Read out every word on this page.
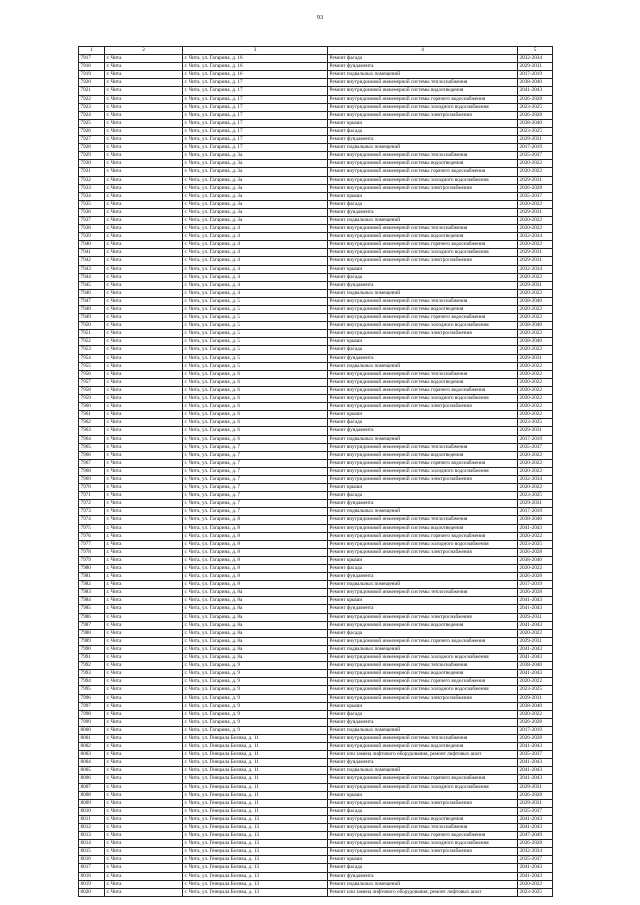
93
1	2	3	4	5
7917	г. Чита	г. Чита, ул. Гагарина, д. 16	Ремонт фасада	2032-2034
7918	г. Чита	г. Чита, ул. Гагарина, д. 16	Ремонт фундамента	2029-2031
7919	г. Чита	г. Чита, ул. Гагарина, д. 16	Ремонт подвальных помещений	2017-2019
7920	г. Чита	г. Чита, ул. Гагарина, д. 17	Ремонт внутридомовой инженерной системы теплоснабжения	2038-2040
7921	г. Чита	г. Чита, ул. Гагарина, д. 17	Ремонт внутридомовой инженерной системы водоотведения	2041-2043
7922	г. Чита	г. Чита, ул. Гагарина, д. 17	Ремонт внутридомовой инженерной системы горячего водоснабжения	2026-2028
7923	г. Чита	г. Чита, ул. Гагарина, д. 17	Ремонт внутридомовой инженерной системы холодного водоснабжения	2023-2025
7924	г. Чита	г. Чита, ул. Гагарина, д. 17	Ремонт внутридомовой инженерной системы электроснабжения	2026-2028
7925	г. Чита	г. Чита, ул. Гагарина, д. 17	Ремонт крыши	2038-2040
7926	г. Чита	г. Чита, ул. Гагарина, д. 17	Ремонт фасада	2023-2025
7927	г. Чита	г. Чита, ул. Гагарина, д. 17	Ремонт фундамента	2029-2031
7928	г. Чита	г. Чита, ул. Гагарина, д. 17	Ремонт подвальных помещений	2017-2019
7929	г. Чита	г. Чита, ул. Гагарина, д. 3а	Ремонт внутридомовой инженерной системы теплоснабжения	2035-2037
7930	г. Чита	г. Чита, ул. Гагарина, д. 3а	Ремонт внутридомовой инженерной системы водоотведения	2020-2022
7931	г. Чита	г. Чита, ул. Гагарина, д. 3а	Ремонт внутридомовой инженерной системы горячего водоснабжения	2020-2022
7932	г. Чита	г. Чита, ул. Гагарина, д. 3а	Ремонт внутридомовой инженерной системы холодного водоснабжения	2029-2031
7933	г. Чита	г. Чита, ул. Гагарина, д. 3а	Ремонт внутридомовой инженерной системы электроснабжения	2026-2028
7934	г. Чита	г. Чита, ул. Гагарина, д. 3а	Ремонт крыши	2035-2037
7935	г. Чита	г. Чита, ул. Гагарина, д. 3а	Ремонт фасада	2020-2022
7936	г. Чита	г. Чита, ул. Гагарина, д. 3а	Ремонт фундамента	2029-2031
7937	г. Чита	г. Чита, ул. Гагарина, д. 3а	Ремонт подвальных помещений	2020-2022
7938	г. Чита	г. Чита, ул. Гагарина, д. 4	Ремонт внутридомовой инженерной системы теплоснабжения	2020-2022
7939	г. Чита	г. Чита, ул. Гагарина, д. 4	Ремонт внутридомовой инженерной системы водоотведения	2032-2034
7940	г. Чита	г. Чита, ул. Гагарина, д. 4	Ремонт внутридомовой инженерной системы горячего водоснабжения	2020-2022
7941	г. Чита	г. Чита, ул. Гагарина, д. 4	Ремонт внутридомовой инженерной системы холодного водоснабжения	2029-2031
7942	г. Чита	г. Чита, ул. Гагарина, д. 4	Ремонт внутридомовой инженерной системы электроснабжения	2029-2031
7943	г. Чита	г. Чита, ул. Гагарина, д. 4	Ремонт крыши	2032-2034
7944	г. Чита	г. Чита, ул. Гагарина, д. 4	Ремонт фасада	2020-2022
7945	г. Чита	г. Чита, ул. Гагарина, д. 4	Ремонт фундамента	2029-2031
7946	г. Чита	г. Чита, ул. Гагарина, д. 4	Ремонт подвальных помещений	2020-2022
7947	г. Чита	г. Чита, ул. Гагарина, д. 5	Ремонт внутридомовой инженерной системы теплоснабжения	2038-2040
7948	г. Чита	г. Чита, ул. Гагарина, д. 5	Ремонт внутридомовой инженерной системы водоотведения	2020-2022
7949	г. Чита	г. Чита, ул. Гагарина, д. 5	Ремонт внутридомовой инженерной системы горячего водоснабжения	2020-2022
7950	г. Чита	г. Чита, ул. Гагарина, д. 5	Ремонт внутридомовой инженерной системы холодного водоснабжения	2038-2040
7951	г. Чита	г. Чита, ул. Гагарина, д. 5	Ремонт внутридомовой инженерной системы электроснабжения	2020-2022
7952	г. Чита	г. Чита, ул. Гагарина, д. 5	Ремонт крыши	2038-2040
7953	г. Чита	г. Чита, ул. Гагарина, д. 5	Ремонт фасада	2020-2022
7954	г. Чита	г. Чита, ул. Гагарина, д. 5	Ремонт фундамента	2029-2031
7955	г. Чита	г. Чита, ул. Гагарина, д. 5	Ремонт подвальных помещений	2020-2022
7956	г. Чита	г. Чита, ул. Гагарина, д. 6	Ремонт внутридомовой инженерной системы теплоснабжения	2020-2022
7957	г. Чита	г. Чита, ул. Гагарина, д. 6	Ремонт внутридомовой инженерной системы водоотведения	2020-2022
7958	г. Чита	г. Чита, ул. Гагарина, д. 6	Ремонт внутридомовой инженерной системы горячего водоснабжения	2020-2022
7959	г. Чита	г. Чита, ул. Гагарина, д. 6	Ремонт внутридомовой инженерной системы холодного водоснабжения	2020-2022
7960	г. Чита	г. Чита, ул. Гагарина, д. 6	Ремонт внутридомовой инженерной системы электроснабжения	2020-2022
7961	г. Чита	г. Чита, ул. Гагарина, д. 6	Ремонт крыши	2020-2022
7962	г. Чита	г. Чита, ул. Гагарина, д. 6	Ремонт фасада	2023-2025
7963	г. Чита	г. Чита, ул. Гагарина, д. 6	Ремонт фундамента	2029-2031
7964	г. Чита	г. Чита, ул. Гагарина, д. 6	Ремонт подвальных помещений	2017-2019
7965	г. Чита	г. Чита, ул. Гагарина, д. 7	Ремонт внутридомовой инженерной системы теплоснабжения	2035-2037
7966	г. Чита	г. Чита, ул. Гагарина, д. 7	Ремонт внутридомовой инженерной системы водоотведения	2020-2022
7967	г. Чита	г. Чита, ул. Гагарина, д. 7	Ремонт внутридомовой инженерной системы горячего водоснабжения	2020-2022
7968	г. Чита	г. Чита, ул. Гагарина, д. 7	Ремонт внутридомовой инженерной системы холодного водоснабжения	2020-2022
7969	г. Чита	г. Чита, ул. Гагарина, д. 7	Ремонт внутридомовой инженерной системы электроснабжения	2032-2034
7970	г. Чита	г. Чита, ул. Гагарина, д. 7	Ремонт крыши	2020-2022
7971	г. Чита	г. Чита, ул. Гагарина, д. 7	Ремонт фасада	2023-2025
7972	г. Чита	г. Чита, ул. Гагарина, д. 7	Ремонт фундамента	2029-2031
7973	г. Чита	г. Чита, ул. Гагарина, д. 7	Ремонт подвальных помещений	2017-2019
7974	г. Чита	г. Чита, ул. Гагарина, д. 8	Ремонт внутридомовой инженерной системы теплоснабжения	2038-2040
7975	г. Чита	г. Чита, ул. Гагарина, д. 8	Ремонт внутридомовой инженерной системы водоотведения	2041-2043
7976	г. Чита	г. Чита, ул. Гагарина, д. 8	Ремонт внутридомовой инженерной системы горячего водоснабжения	2020-2022
7977	г. Чита	г. Чита, ул. Гагарина, д. 8	Ремонт внутридомовой инженерной системы холодного водоснабжения	2023-2025
7978	г. Чита	г. Чита, ул. Гагарина, д. 8	Ремонт внутридомовой инженерной системы электроснабжения	2026-2028
7979	г. Чита	г. Чита, ул. Гагарина, д. 8	Ремонт крыши	2038-2040
7980	г. Чита	г. Чита, ул. Гагарина, д. 8	Ремонт фасада	2020-2022
7981	г. Чита	г. Чита, ул. Гагарина, д. 8	Ремонт фундамента	2026-2028
7982	г. Чита	г. Чита, ул. Гагарина, д. 8	Ремонт подвальных помещений	2017-2019
7983	г. Чита	г. Чита, ул. Гагарина, д. 8а	Ремонт внутридомовой инженерной системы теплоснабжения	2026-2028
7984	г. Чита	г. Чита, ул. Гагарина, д. 8а	Ремонт крыши	2041-2043
7985	г. Чита	г. Чита, ул. Гагарина, д. 8а	Ремонт фундамента	2041-2043
7986	г. Чита	г. Чита, ул. Гагарина, д. 8а	Ремонт внутридомовой инженерной системы электроснабжения	2029-2031
7987	г. Чита	г. Чита, ул. Гагарина, д. 8а	Ремонт внутридомовой инженерной системы водоотведения	2041-2043
7988	г. Чита	г. Чита, ул. Гагарина, д. 8а	Ремонт фасада	2020-2022
7989	г. Чита	г. Чита, ул. Гагарина, д. 8а	Ремонт внутридомовой инженерной системы горячего водоснабжения	2029-2031
7990	г. Чита	г. Чита, ул. Гагарина, д. 8а	Ремонт подвальных помещений	2041-2043
7991	г. Чита	г. Чита, ул. Гагарина, д. 8а	Ремонт внутридомовой инженерной системы холодного водоснабжения	2041-2043
7992	г. Чита	г. Чита, ул. Гагарина, д. 9	Ремонт внутридомовой инженерной системы теплоснабжения	2038-2040
7993	г. Чита	г. Чита, ул. Гагарина, д. 9	Ремонт внутридомовой инженерной системы водоотведения	2041-2043
7994	г. Чита	г. Чита, ул. Гагарина, д. 9	Ремонт внутридомовой инженерной системы горячего водоснабжения	2020-2022
7995	г. Чита	г. Чита, ул. Гагарина, д. 9	Ремонт внутридомовой инженерной системы холодного водоснабжения	2023-2025
7996	г. Чита	г. Чита, ул. Гагарина, д. 9	Ремонт внутридомовой инженерной системы электроснабжения	2029-2031
7997	г. Чита	г. Чита, ул. Гагарина, д. 9	Ремонт крыши	2038-2040
7998	г. Чита	г. Чита, ул. Гагарина, д. 9	Ремонт фасада	2020-2022
7999	г. Чита	г. Чита, ул. Гагарина, д. 9	Ремонт фундамента	2026-2028
8000	г. Чита	г. Чита, ул. Гагарина, д. 9	Ремонт подвальных помещений	2017-2019
8001	г. Чита	г. Чита, ул. Генерала Белика, д. 11	Ремонт внутридомовой инженерной системы теплоснабжения	2026-2028
8002	г. Чита	г. Чита, ул. Генерала Белика, д. 11	Ремонт внутридомовой инженерной системы водоотведения	2041-2043
8003	г. Чита	г. Чита, ул. Генерала Белика, д. 11	Ремонт или замена лифтового оборудования, ремонт лифтовых шахт	2035-2037
8004	г. Чита	г. Чита, ул. Генерала Белика, д. 11	Ремонт фундамента	2041-2043
8005	г. Чита	г. Чита, ул. Генерала Белика, д. 11	Ремонт подвальных помещений	2041-2043
8006	г. Чита	г. Чита, ул. Генерала Белика, д. 11	Ремонт внутридомовой инженерной системы горячего водоснабжения	2041-2043
8007	г. Чита	г. Чита, ул. Генерала Белика, д. 11	Ремонт внутридомовой инженерной системы холодного водоснабжения	2029-2031
8008	г. Чита	г. Чита, ул. Генерала Белика, д. 11	Ремонт крыши	2026-2028
8009	г. Чита	г. Чита, ул. Генерала Белика, д. 11	Ремонт внутридомовой инженерной системы электроснабжения	2029-2031
8010	г. Чита	г. Чита, ул. Генерала Белика, д. 11	Ремонт фасада	2035-2037
8011	г. Чита	г. Чита, ул. Генерала Белика, д. 13	Ремонт внутридомовой инженерной системы водоотведения	2041-2043
8012	г. Чита	г. Чита, ул. Генерала Белика, д. 13	Ремонт внутридомовой инженерной системы теплоснабжения	2041-2043
8013	г. Чита	г. Чита, ул. Генерала Белика, д. 13	Ремонт внутридомовой инженерной системы горячего водоснабжения	2047-2049
8014	г. Чита	г. Чита, ул. Генерала Белика, д. 13	Ремонт внутридомовой инженерной системы холодного водоснабжения	2026-2028
8015	г. Чита	г. Чита, ул. Генерала Белика, д. 13	Ремонт внутридомовой инженерной системы электроснабжения	2032-2034
8016	г. Чита	г. Чита, ул. Генерала Белика, д. 13	Ремонт крыши	2035-2037
8017	г. Чита	г. Чита, ул. Генерала Белика, д. 13	Ремонт фасада	2041-2043
8018	г. Чита	г. Чита, ул. Генерала Белика, д. 13	Ремонт фундамента	2041-2043
8019	г. Чита	г. Чита, ул. Генерала Белика, д. 13	Ремонт подвальных помещений	2020-2022
8020	г. Чита	г. Чита, ул. Генерала Белика, д. 13	Ремонт или замена лифтового оборудования, ремонт лифтовых шахт	2023-2025
